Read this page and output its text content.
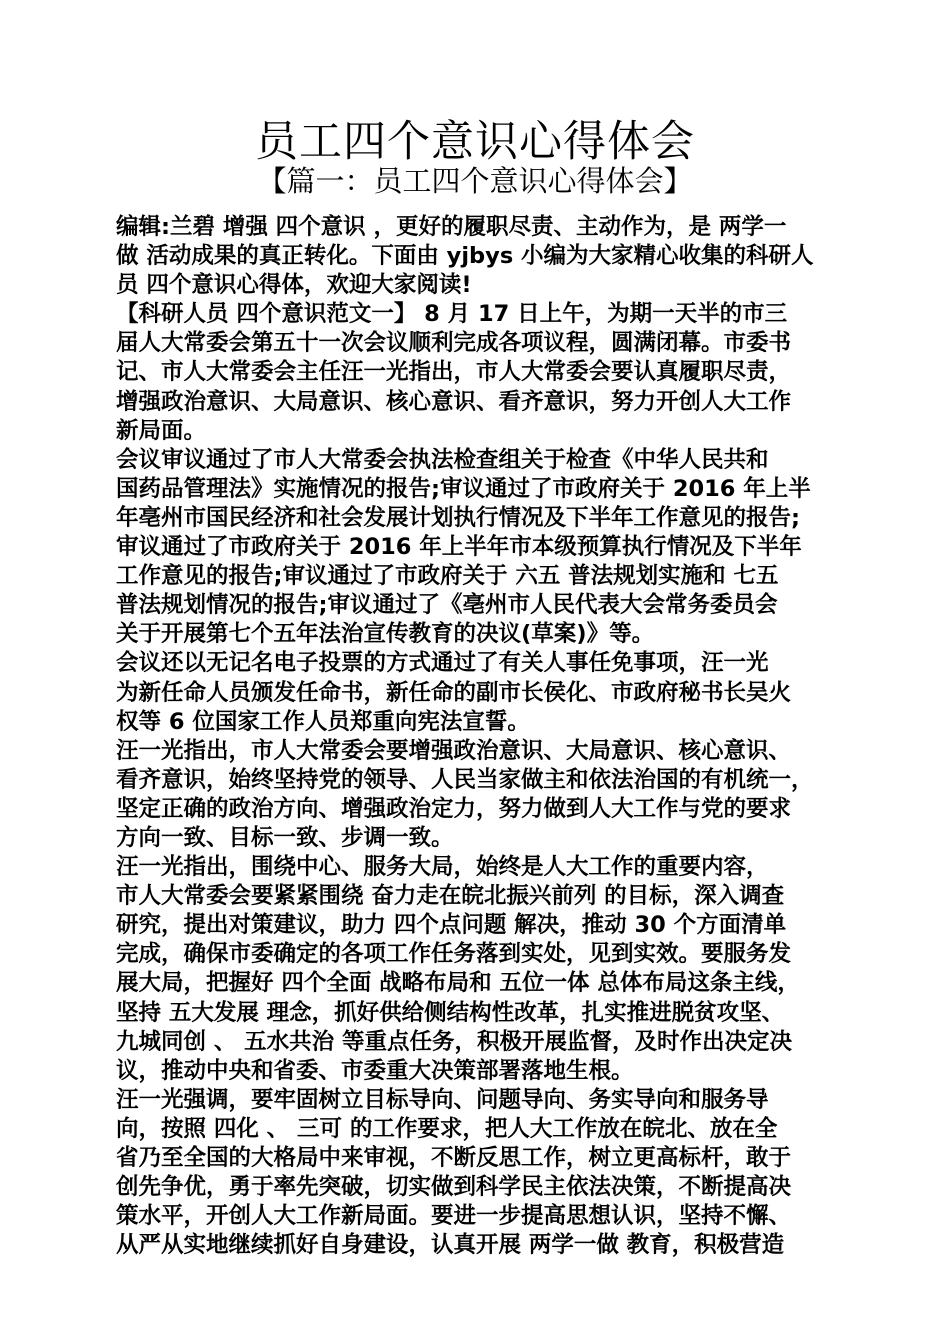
员工四个意识心得体会
【篇一：员工四个意识心得体会】
编辑:兰碧 增强 四个意识 ，更好的履职尽责、主动作为，是 两学一
做 活动成果的真正转化。下面由 yjbys 小编为大家精心收集的科研人
员 四个意识心得体，欢迎大家阅读!
【科研人员 四个意识范文一】 8 月 17 日上午，为期一天半的市三
届人大常委会第五十一次会议顺利完成各项议程，圆满闭幕。市委书
记、市人大常委会主任汪一光指出，市人大常委会要认真履职尽责，
增强政治意识、大局意识、核心意识、看齐意识，努力开创人大工作
新局面。
会议审议通过了市人大常委会执法检查组关于检查《中华人民共和
国药品管理法》实施情况的报告;审议通过了市政府关于 2016 年上半
年亳州市国民经济和社会发展计划执行情况及下半年工作意见的报告;
审议通过了市政府关于 2016 年上半年市本级预算执行情况及下半年
工作意见的报告;审议通过了市政府关于 六五 普法规划实施和 七五
普法规划情况的报告;审议通过了《亳州市人民代表大会常务委员会
关于开展第七个五年法治宣传教育的决议(草案)》等。
会议还以无记名电子投票的方式通过了有关人事任免事项，汪一光
为新任命人员颁发任命书，新任命的副市长侯化、市政府秘书长吴火
权等 6 位国家工作人员郑重向宪法宣誓。
汪一光指出，市人大常委会要增强政治意识、大局意识、核心意识、
看齐意识，始终坚持党的领导、人民当家做主和依法治国的有机统一，
坚定正确的政治方向、增强政治定力，努力做到人大工作与党的要求
方向一致、目标一致、步调一致。
汪一光指出，围绕中心、服务大局，始终是人大工作的重要内容，
市人大常委会要紧紧围绕 奋力走在皖北振兴前列 的目标，深入调查
研究，提出对策建议，助力 四个点问题 解决，推动 30 个方面清单
完成，确保市委确定的各项工作任务落到实处，见到实效。要服务发
展大局，把握好 四个全面 战略布局和 五位一体 总体布局这条主线，
坚持 五大发展 理念，抓好供给侧结构性改革，扎实推进脱贫攻坚、
九城同创 、 五水共治 等重点任务，积极开展监督，及时作出决定决
议，推动中央和省委、市委重大决策部署落地生根。
汪一光强调，要牢固树立目标导向、问题导向、务实导向和服务导
向，按照 四化 、 三可 的工作要求，把人大工作放在皖北、放在全
省乃至全国的大格局中来审视，不断反思工作，树立更高标杆，敢于
创先争优，勇于率先突破，切实做到科学民主依法决策，不断提高决
策水平，开创人大工作新局面。要进一步提高思想认识，坚持不懈、
从严从实地继续抓好自身建设，认真开展 两学一做 教育，积极营造
